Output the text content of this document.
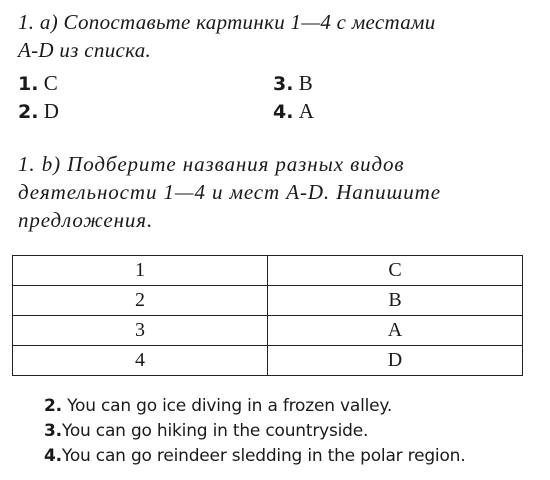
1. a) Сопоставьте картинки 1—4 с местами
A-D из списка.
1. C	3. B
2. D	4. A
1. b) Подберите названия разных видов
деятельности 1—4 и мест A-D. Напишите
предложения.
1	C
2	B
3	A
4	D
2. You can go ice diving in a frozen valley.
3.You can go hiking in the countryside.
4.You can go reindeer sledding in the polar region.
